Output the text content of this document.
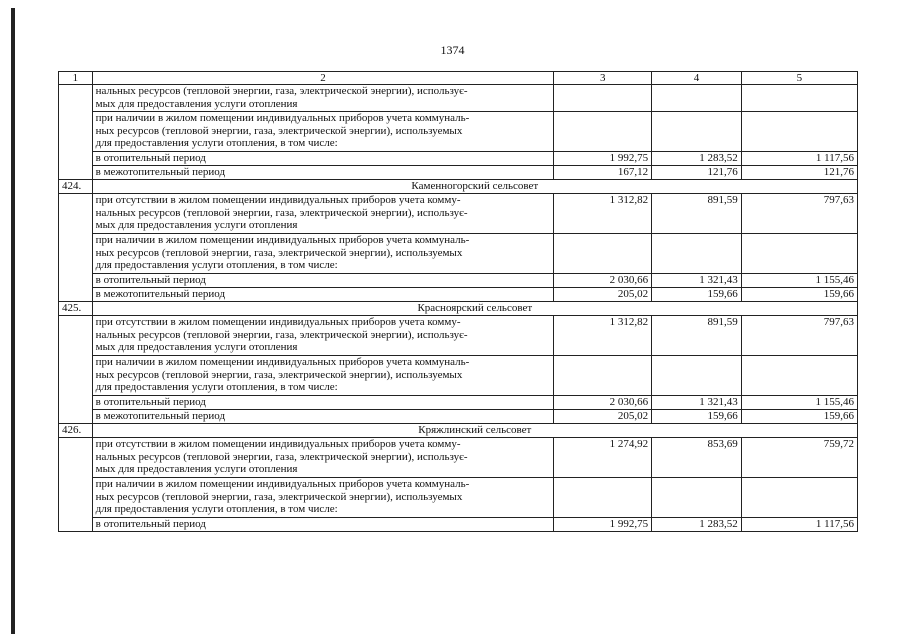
1374
1	2	3	4	5

	нальных ресурсов (тепловой энергии, газа, электрической энергии), использує-
мых для предоставления услуги отопления			

	при наличии в жилом помещении индивидуальных приборов учета коммуналь-
ных ресурсов (тепловой энергии, газа, электрической энергии), используемых
для предоставления услуги отопления, в том числе:			

	в отопительный период	1 992,75	1 283,52	1 117,56

	в межотопительный период	167,12	121,76	121,76
424.	Каменногорский сельсовет			

	при отсутствии в жилом помещении индивидуальных приборов учета комму-
нальных ресурсов (тепловой энергии, газа, электрической энергии), использує-
мых для предоставления услуги отопления	1 312,82	891,59	797,63

	при наличии в жилом помещении индивидуальных приборов учета коммуналь-
ных ресурсов (тепловой энергии, газа, электрической энергии), используемых
для предоставления услуги отопления, в том числе:			

	в отопительный период	2 030,66	1 321,43	1 155,46

	в межотопительный период	205,02	159,66	159,66
425.	Красноярский сельсовет			

	при отсутствии в жилом помещении индивидуальных приборов учета комму-
нальных ресурсов (тепловой энергии, газа, электрической энергии), использує-
мых для предоставления услуги отопления	1 312,82	891,59	797,63

	при наличии в жилом помещении индивидуальных приборов учета коммуналь-
ных ресурсов (тепловой энергии, газа, электрической энергии), используемых
для предоставления услуги отопления, в том числе:			

	в отопительный период	2 030,66	1 321,43	1 155,46

	в межотопительный период	205,02	159,66	159,66
426.	Кряжлинский сельсовет			

	при отсутствии в жилом помещении индивидуальных приборов учета комму-
нальных ресурсов (тепловой энергии, газа, электрической энергии), использує-
мых для предоставления услуги отопления	1 274,92	853,69	759,72

	при наличии в жилом помещении индивидуальных приборов учета коммуналь-
ных ресурсов (тепловой энергии, газа, электрической энергии), используемых
для предоставления услуги отопления, в том числе:			

	в отопительный период	1 992,75	1 283,52	1 117,56
